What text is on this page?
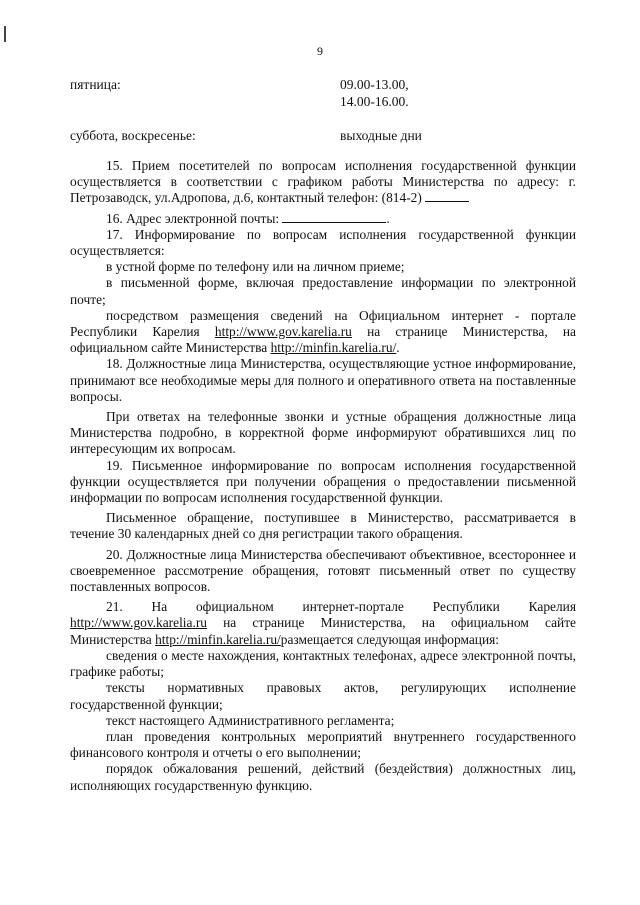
9
пятница:	09.00-13.00,
14.00-16.00.
суббота, воскресенье:	выходные дни

15. Прием посетителей по вопросам исполнения государственной функции осуществляется в соответствии с графиком работы Министерства по адресу: г. Петрозаводск, ул.Адропова, д.6, контактный телефон: (814-2)

16. Адрес электронной почты:	.

17. Информирование по вопросам исполнения государственной функции осуществляется:

в устной форме по телефону или на личном приеме;

в письменной форме, включая предоставление информации по электронной почте;

посредством размещения сведений на Официальном интернет - портале Республики Карелия http://www.gov.karelia.ru на странице Министерства, на официальном сайте Министерства http://minfin.karelia.ru/.

18. Должностные лица Министерства, осуществляющие устное информирование, принимают все необходимые меры для полного и оперативного ответа на поставленные вопросы.

При ответах на телефонные звонки и устные обращения должностные лица Министерства подробно, в корректной форме информируют обратившихся лиц по интересующим их вопросам.

19. Письменное информирование по вопросам исполнения государственной функции осуществляется при получении обращения о предоставлении письменной информации по вопросам исполнения государственной функции.

Письменное обращение, поступившее в Министерство, рассматривается в течение 30 календарных дней со дня регистрации такого обращения.

20. Должностные лица Министерства обеспечивают объективное, всестороннее и своевременное рассмотрение обращения, готовят письменный ответ по существу поставленных вопросов.

21. На официальном интернет-портале Республики Карелия http://www.gov.karelia.ru на странице Министерства, на официальном сайте Министерства http://minfin.karelia.ru/размещается следующая информация:

сведения о месте нахождения, контактных телефонах, адресе электронной почты, графике работы;

тексты нормативных правовых актов, регулирующих исполнение государственной функции;

текст настоящего Административного регламента;

план проведения контрольных мероприятий внутреннего государственного финансового контроля и отчеты о его выполнении;

порядок обжалования решений, действий (бездействия) должностных лиц, исполняющих государственную функцию.
